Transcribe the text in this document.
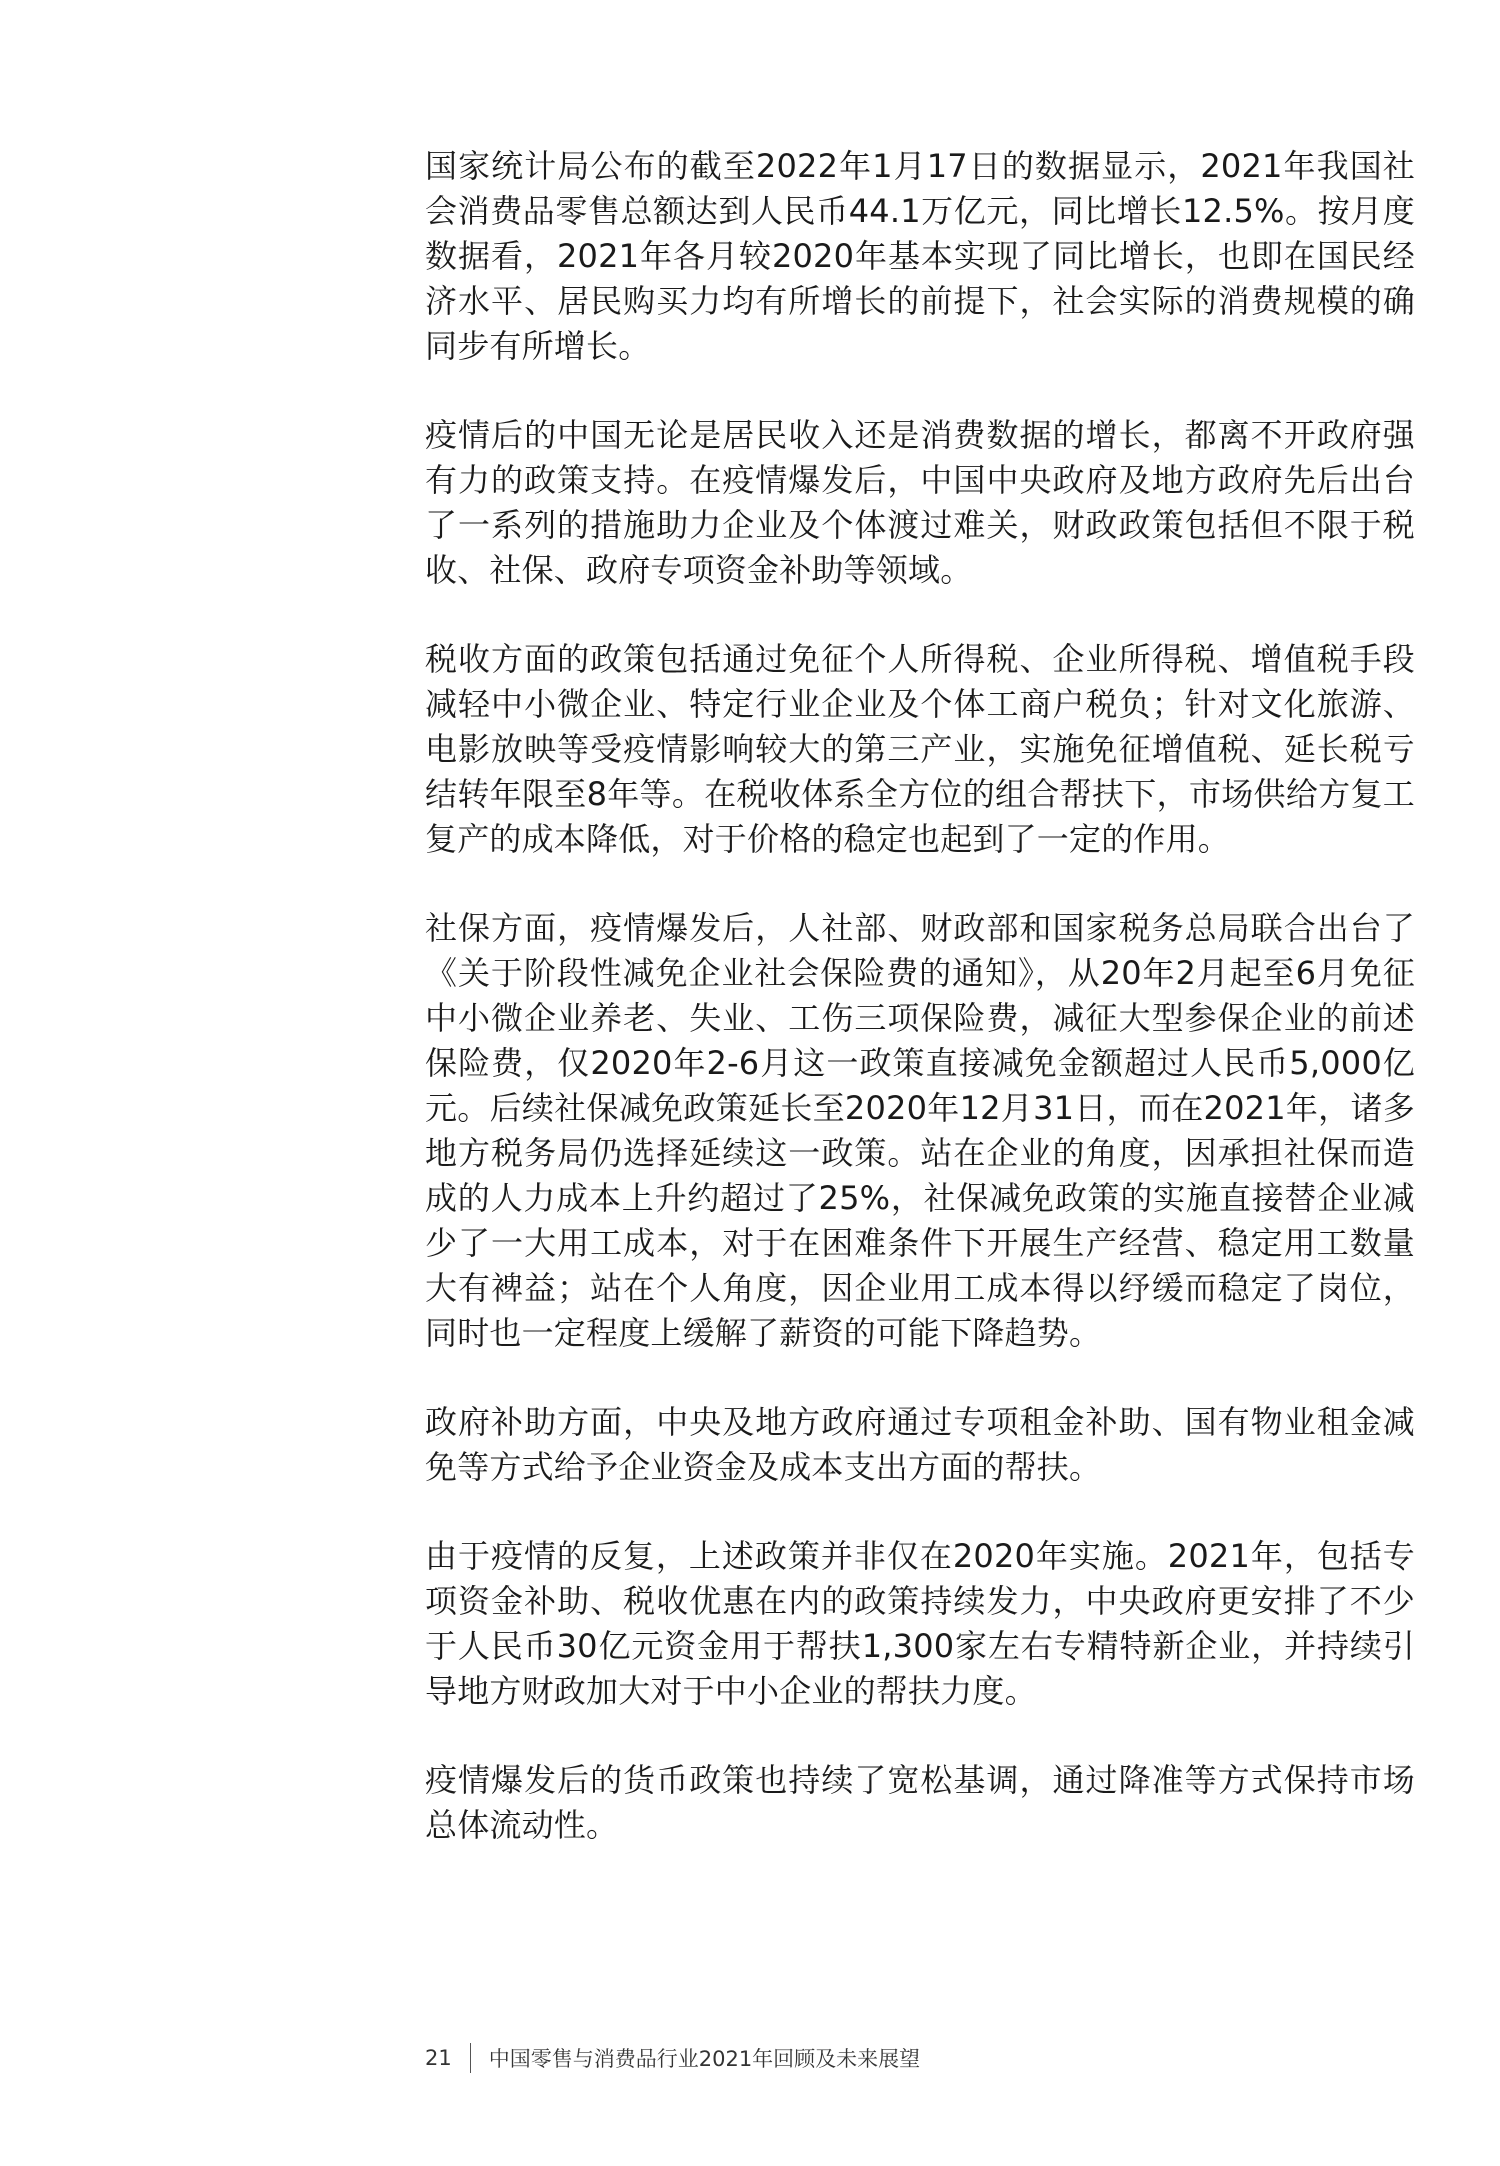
国家统计局公布的截至2022年1月17日的数据显示，2021年我国社会消费品零售总额达到人民币44.1万亿元，同比增长12.5%。按月度数据看，2021年各月较2020年基本实现了同比增长，也即在国民经济水平、居民购买力均有所增长的前提下，社会实际的消费规模的确同步有所增长。

疫情后的中国无论是居民收入还是消费数据的增长，都离不开政府强有力的政策支持。在疫情爆发后，中国中央政府及地方政府先后出台了一系列的措施助力企业及个体渡过难关，财政政策包括但不限于税收、社保、政府专项资金补助等领域。

税收方面的政策包括通过免征个人所得税、企业所得税、增值税手段减轻中小微企业、特定行业企业及个体工商户税负；针对文化旅游、电影放映等受疫情影响较大的第三产业，实施免征增值税、延长税亏结转年限至8年等。在税收体系全方位的组合帮扶下，市场供给方复工复产的成本降低，对于价格的稳定也起到了一定的作用。

社保方面，疫情爆发后，人社部、财政部和国家税务总局联合出台了《关于阶段性减免企业社会保险费的通知》，从20年2月起至6月免征中小微企业养老、失业、工伤三项保险费，减征大型参保企业的前述保险费，仅2020年2-6月这一政策直接减免金额超过人民币5,000亿元。后续社保减免政策延长至2020年12月31日，而在2021年，诸多地方税务局仍选择延续这一政策。站在企业的角度，因承担社保而造成的人力成本上升约超过了25%，社保减免政策的实施直接替企业减少了一大用工成本，对于在困难条件下开展生产经营、稳定用工数量大有裨益；站在个人角度，因企业用工成本得以纾缓而稳定了岗位，同时也一定程度上缓解了薪资的可能下降趋势。

政府补助方面，中央及地方政府通过专项租金补助、国有物业租金减免等方式给予企业资金及成本支出方面的帮扶。

由于疫情的反复，上述政策并非仅在2020年实施。2021年，包括专项资金补助、税收优惠在内的政策持续发力，中央政府更安排了不少于人民币30亿元资金用于帮扶1,300家左右专精特新企业，并持续引导地方财政加大对于中小企业的帮扶力度。

疫情爆发后的货币政策也持续了宽松基调，通过降准等方式保持市场总体流动性。

21	中国零售与消费品行业2021年回顾及未来展望
